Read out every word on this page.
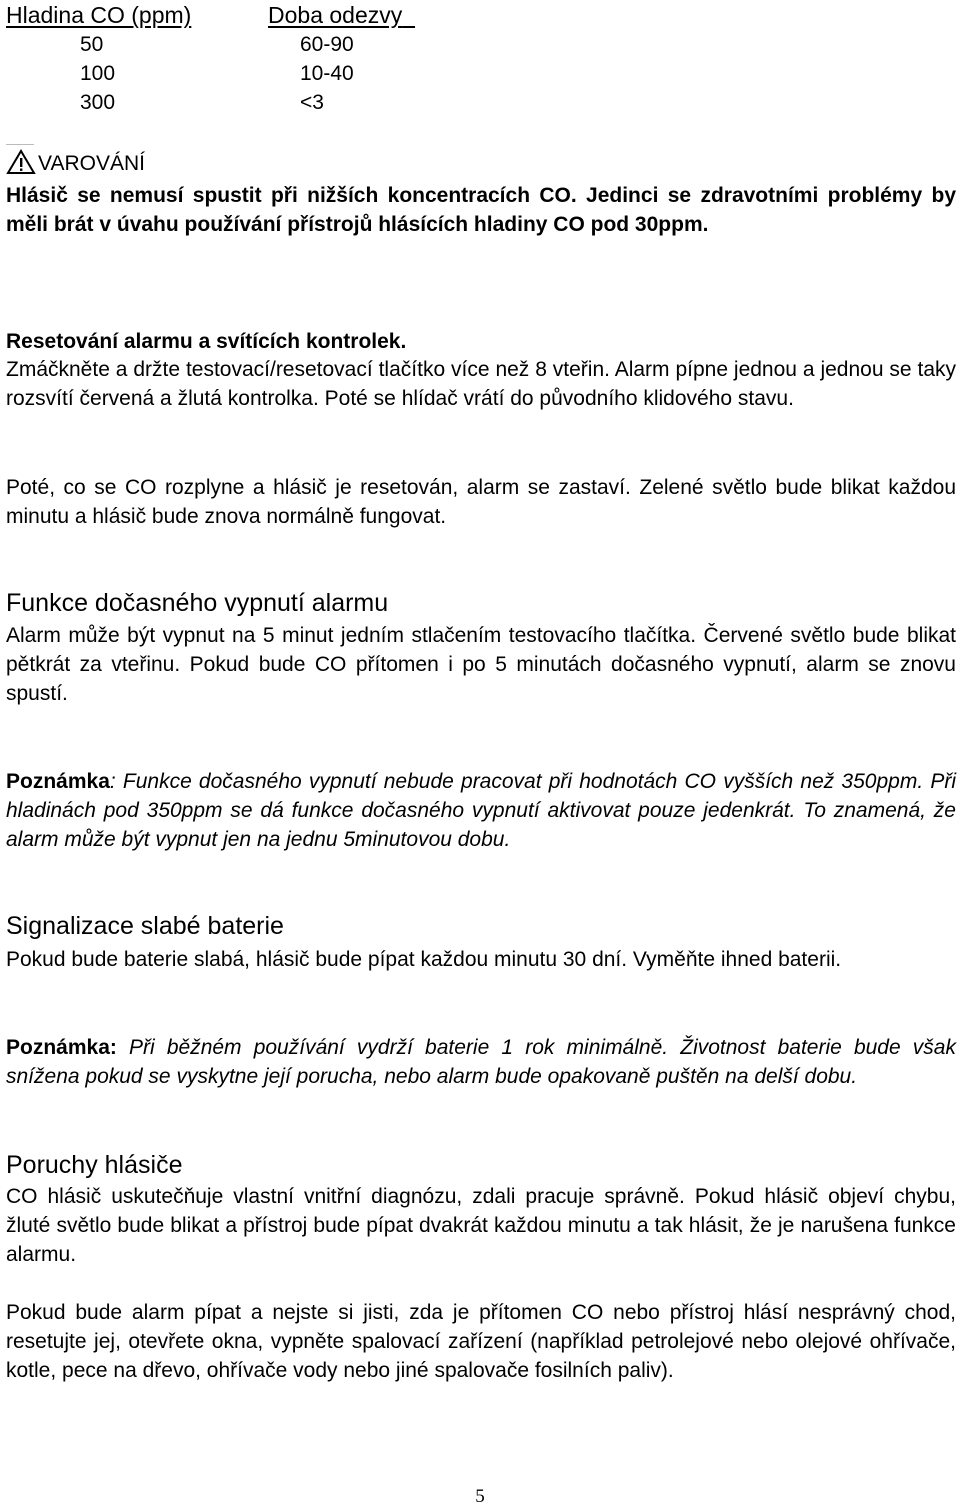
Hladina CO (ppm)	Doba odezvy
50	60-90
100	10-40
300	<3
VAROVÁNÍ
Hlásič se nemusí spustit při nižších koncentracích CO. Jedinci se zdravotními problémy by měli brát v úvahu používání přístrojů hlásících hladiny CO pod 30ppm.
Resetování alarmu a svítících kontrolek.
Zmáčkněte a držte testovací/resetovací tlačítko více než 8 vteřin. Alarm pípne jednou a jednou se taky rozsvítí červená a žlutá kontrolka. Poté se hlídač vrátí do původního klidového stavu.
Poté, co se CO rozplyne a hlásič je resetován, alarm se zastaví. Zelené světlo bude blikat každou minutu a hlásič bude znova normálně fungovat.
Funkce dočasného vypnutí alarmu
Alarm může být vypnut na 5 minut jedním stlačením testovacího tlačítka. Červené světlo bude blikat pětkrát za vteřinu. Pokud bude CO přítomen i po 5 minutách dočasného vypnutí, alarm se znovu spustí.
Poznámka: Funkce dočasného vypnutí nebude pracovat při hodnotách CO vyšších než 350ppm. Při hladinách pod 350ppm se dá funkce dočasného vypnutí aktivovat pouze jedenkrát. To znamená, že alarm může být vypnut jen na jednu 5minutovou dobu.
Signalizace slabé baterie
Pokud bude baterie slabá, hlásič bude pípat každou minutu 30 dní. Vyměňte ihned baterii.
Poznámka: Při běžném používání vydrží baterie 1 rok minimálně. Životnost baterie bude však snížena pokud se vyskytne její porucha, nebo alarm bude opakovaně puštěn na delší dobu.
Poruchy hlásiče
CO hlásič uskutečňuje vlastní vnitřní diagnózu, zdali pracuje správně. Pokud hlásič objeví chybu, žluté světlo bude blikat a přístroj bude pípat dvakrát každou minutu a tak hlásit, že je narušena funkce alarmu.
Pokud bude alarm pípat a nejste si jisti, zda je přítomen CO nebo přístroj hlásí nesprávný chod, resetujte jej, otevřete okna, vypněte spalovací zařízení (například petrolejové nebo olejové ohřívače, kotle, pece na dřevo, ohřívače vody nebo jiné spalovače fosilních paliv).
5
